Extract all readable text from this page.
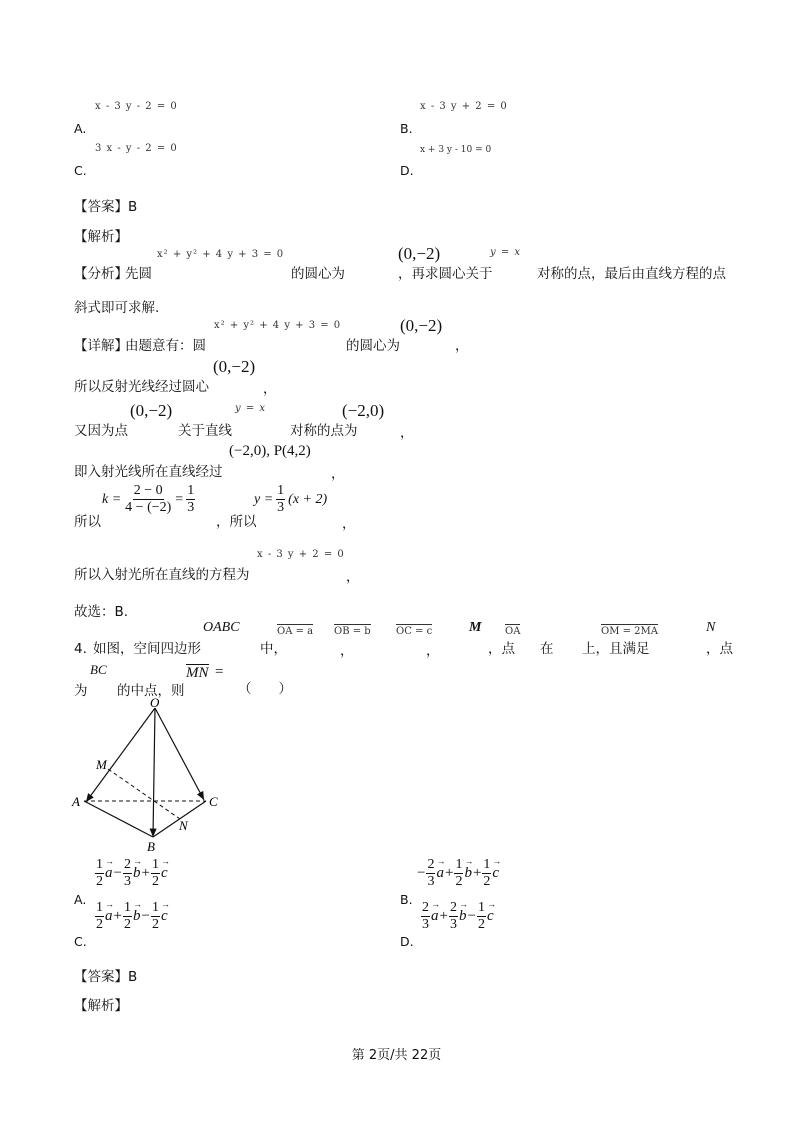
x - 3 y - 2 = 0
A.
x - 3 y + 2 = 0
B.
3 x - y - 2 = 0
C.
x + 3 y - 10 = 0
D.
【答案】B
【解析】
x² + y² + 4 y + 3 = 0	(0,−2)	y = x
【分析】
先圆	的圆心为	，再求圆心关于	对称的点，最后由直线方程的点
斜式即可求解.
x² + y² + 4 y + 3 = 0	(0,−2)
【详解】
由题意有：圆	的圆心为	，
(0,−2)
所以反射光线经过圆心	，
(0,−2)	y = x	(−2,0)
又因为点	关于直线	对称的点为	，
(−2,0), P(4,2)
即入射光线所在直线经过	，
$k = \frac{2 - 0}{4 - (-2)} = \frac{1}{3}$	$y = \frac{1}{3} (x + 2)$
所以	，所以	，
x - 3 y + 2 = 0
所以入射光所在直线的方程为	，
故选：B.
OABC	OA = a OB = b	OC = c	M OA	OM = 2MA	N
4. 如图，空间四边形	中，	，	，	，点 在 上，且满足	，点
BC	MN =
为 的中点，则	（　　）
O
A
B
C
M
N
$\frac{1}{2}$
→ $a - \frac{2}{3}$
→ $b + \frac{1}{2}$
→ c
A.
− $\frac{2}{3}$
→ $a + \frac{1}{2}$
→ $b + \frac{1}{2}$
→ c
B.
$\frac{1}{2}$
→ $a + \frac{1}{2}$
→ $b - \frac{1}{2}$
→ c
C.
$\frac{2}{3}$
→ $a + \frac{2}{3}$
→ $b - \frac{1}{2}$
→ c
D.
【答案】B
【解析】
第 2页/共 22页
